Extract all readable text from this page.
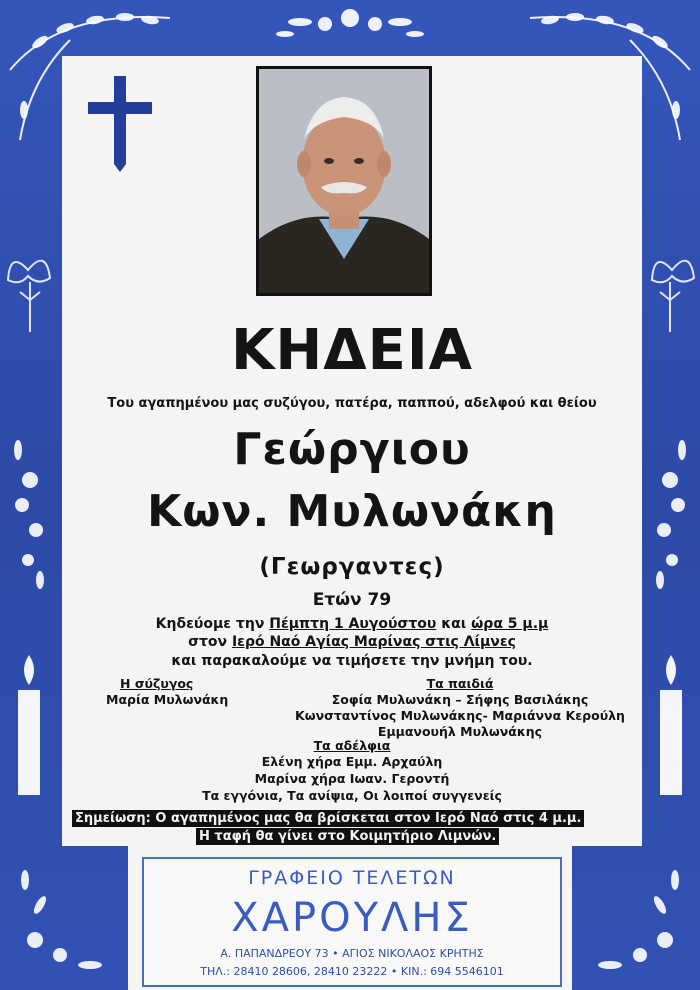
ΚΗΔΕΙΑ

Του αγαπημένου μας συζύγου, πατέρα, παππού, αδελφού και θείου

Γεώργιου

Κων. Μυλωνάκη

(Γεωργαντες)

Ετών 79

Κηδεύομε την Πέμπτη 1 Αυγούστου και ώρα 5 μ.μ

στον Ιερό Ναό Αγίας Μαρίνας στις Λίμνες

και παρακαλούμε να τιμήσετε την μνήμη του.

Η σύζυγος

Μαρία Μυλωνάκη

Τα παιδιά

Σοφία Μυλωνάκη – Σήφης Βασιλάκης

Κωνσταντίνος Μυλωνάκης- Μαριάννα Κερούλη

Εμμανουήλ Μυλωνάκης

Τα αδέλφια

Ελένη χήρα Εμμ. Αρχαύλη

Μαρίνα χήρα Ιωαν. Γεροντή

Τα εγγόνια, Τα ανίψια, Οι λοιποί συγγενείς

Σημείωση: Ο αγαπημένος μας θα βρίσκεται στον Ιερό Ναό στις 4 μ.μ.
Η ταφή θα γίνει στο Κοιμητήριο Λιμνών.

ΓΡΑΦΕΙΟ ΤΕΛΕΤΩΝ

ΧΑΡΟΥΛΗΣ

Α. ΠΑΠΑΝΔΡΕΟΥ 73 • ΑΓΙΟΣ ΝΙΚΟΛΑΟΣ ΚΡΗΤΗΣ

ΤΗΛ.: 28410 28606, 28410 23222 • ΚΙΝ.: 694 5546101
